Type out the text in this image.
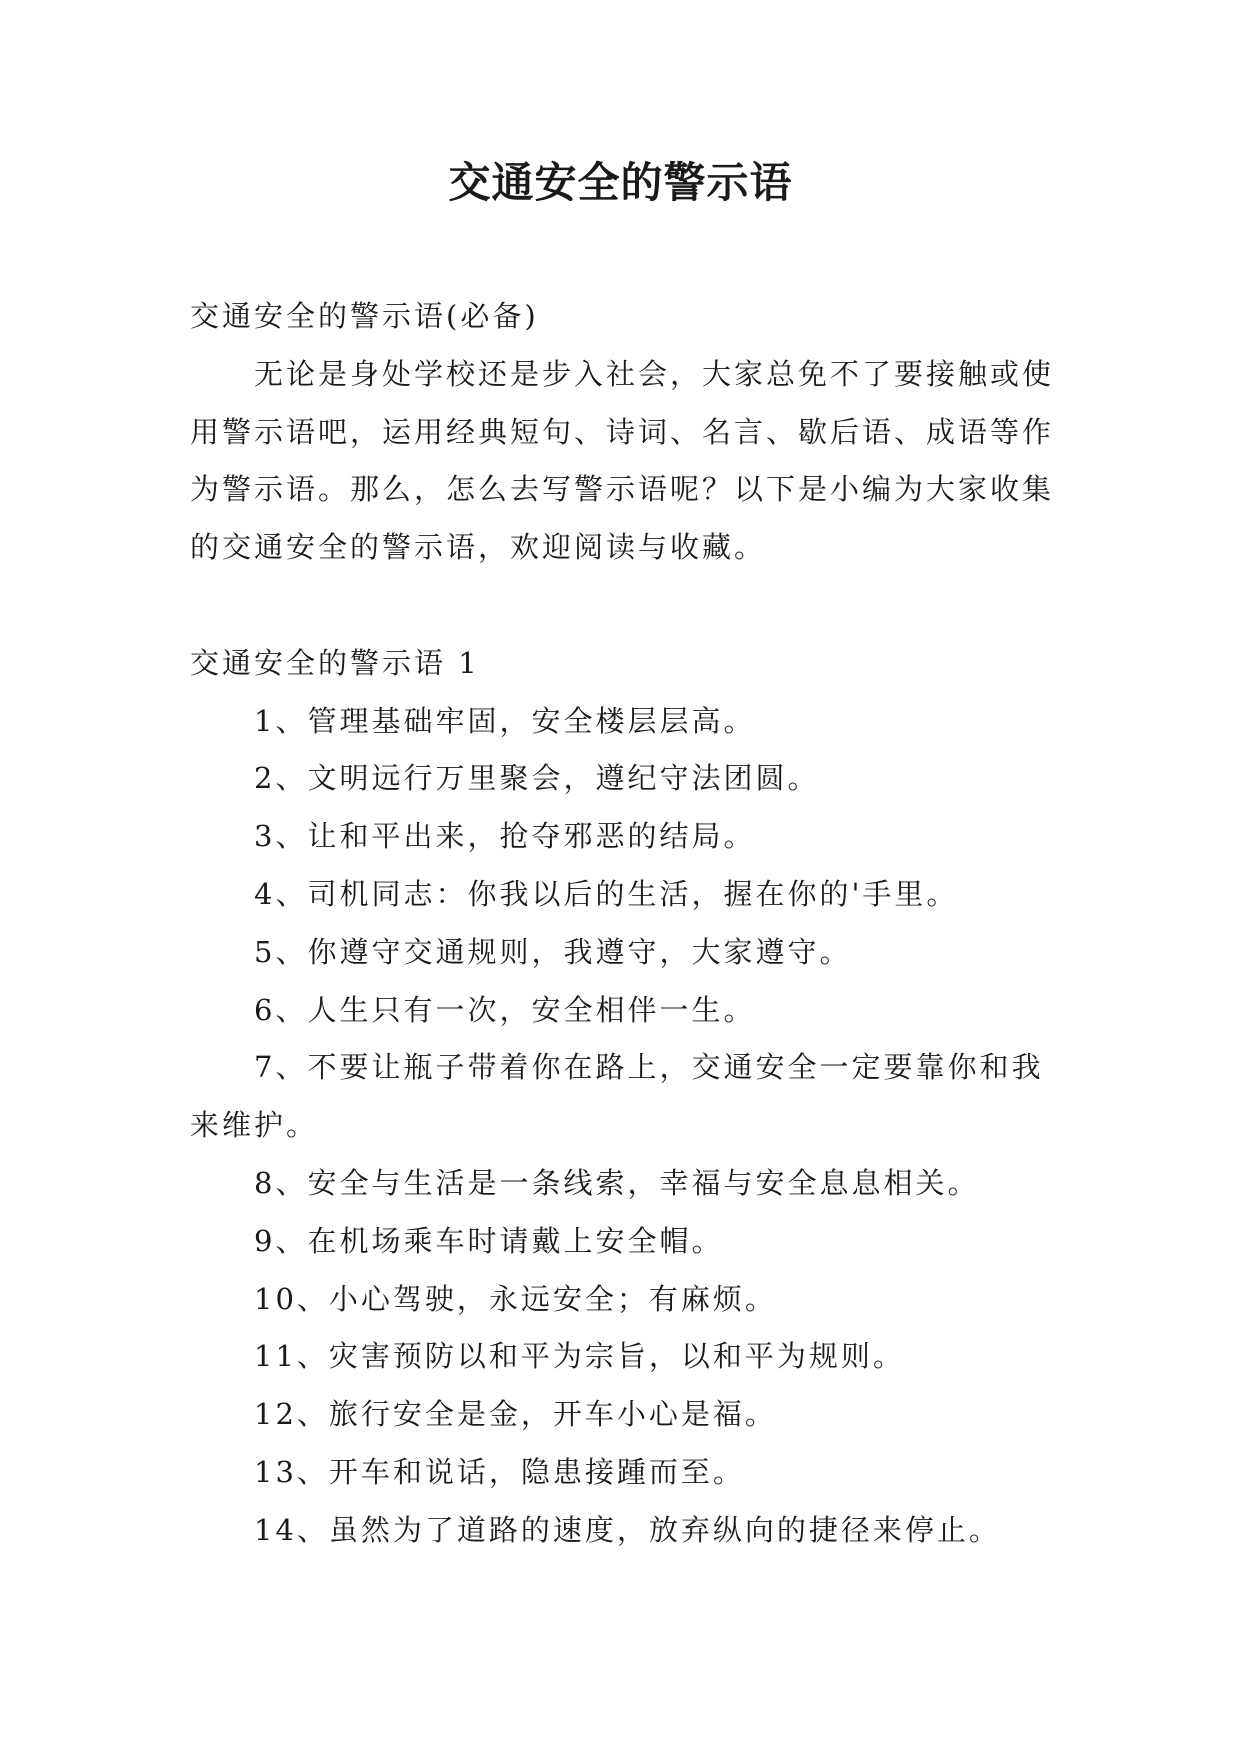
交通安全的警示语

交通安全的警示语(必备)

无论是身处学校还是步入社会，大家总免不了要接触或使用警示语吧，运用经典短句、诗词、名言、歇后语、成语等作为警示语。那么，怎么去写警示语呢？以下是小编为大家收集的交通安全的警示语，欢迎阅读与收藏。

交通安全的警示语 1

1、管理基础牢固，安全楼层层高。

2、文明远行万里聚会，遵纪守法团圆。

3、让和平出来，抢夺邪恶的结局。

4、司机同志：你我以后的生活，握在你的'手里。

5、你遵守交通规则，我遵守，大家遵守。

6、人生只有一次，安全相伴一生。

7、不要让瓶子带着你在路上，交通安全一定要靠你和我来维护。

8、安全与生活是一条线索，幸福与安全息息相关。

9、在机场乘车时请戴上安全帽。

10、小心驾驶，永远安全；有麻烦。

11、灾害预防以和平为宗旨，以和平为规则。

12、旅行安全是金，开车小心是福。

13、开车和说话，隐患接踵而至。

14、虽然为了道路的速度，放弃纵向的捷径来停止。
